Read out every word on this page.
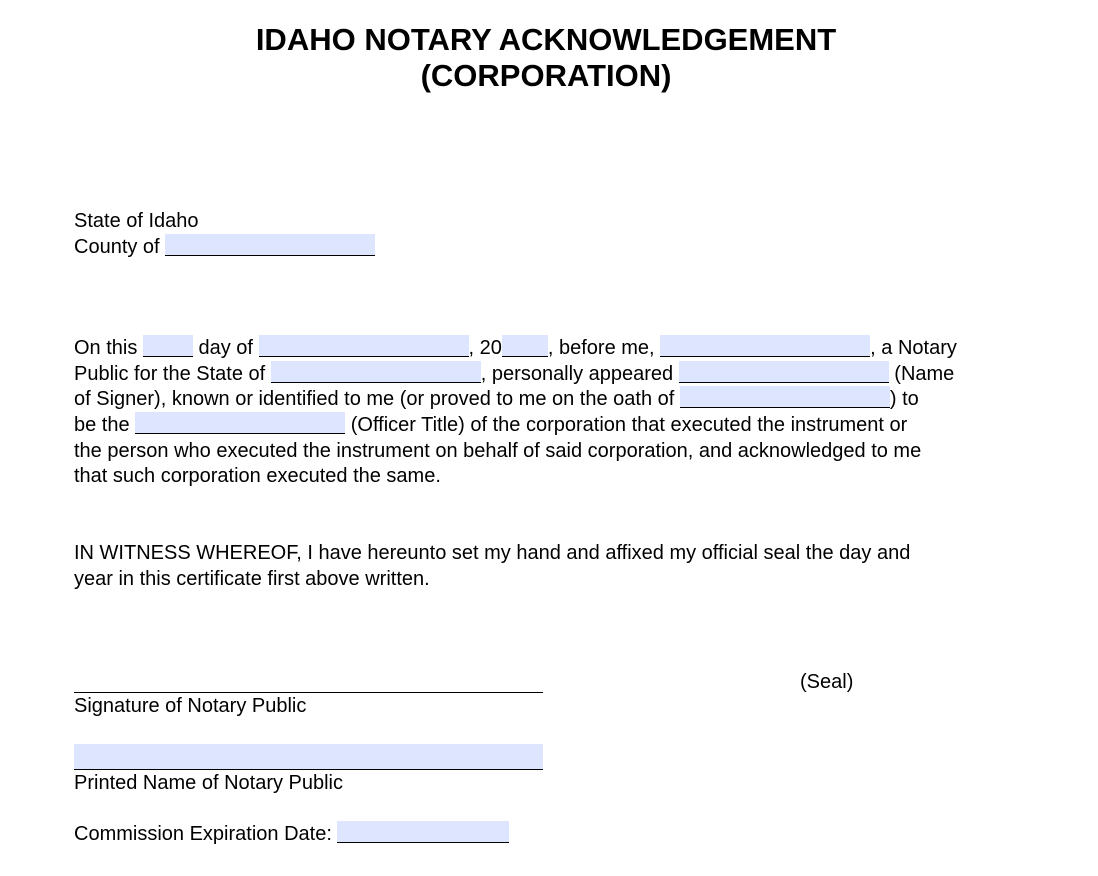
IDAHO NOTARY ACKNOWLEDGEMENT
(CORPORATION)
State of Idaho
County of
On this	day of	, 20 , before me,	, a Notary
Public for the State of	, personally appeared	(Name
of Signer), known or identified to me (or proved to me on the oath of	) to
be the	(Officer Title) of the corporation that executed the instrument or
the person who executed the instrument on behalf of said corporation, and acknowledged to me
that such corporation executed the same.
IN WITNESS WHEREOF, I have hereunto set my hand and affixed my official seal the day and
year in this certificate first above written.
(Seal)
Signature of Notary Public
Printed Name of Notary Public
Commission Expiration Date:
